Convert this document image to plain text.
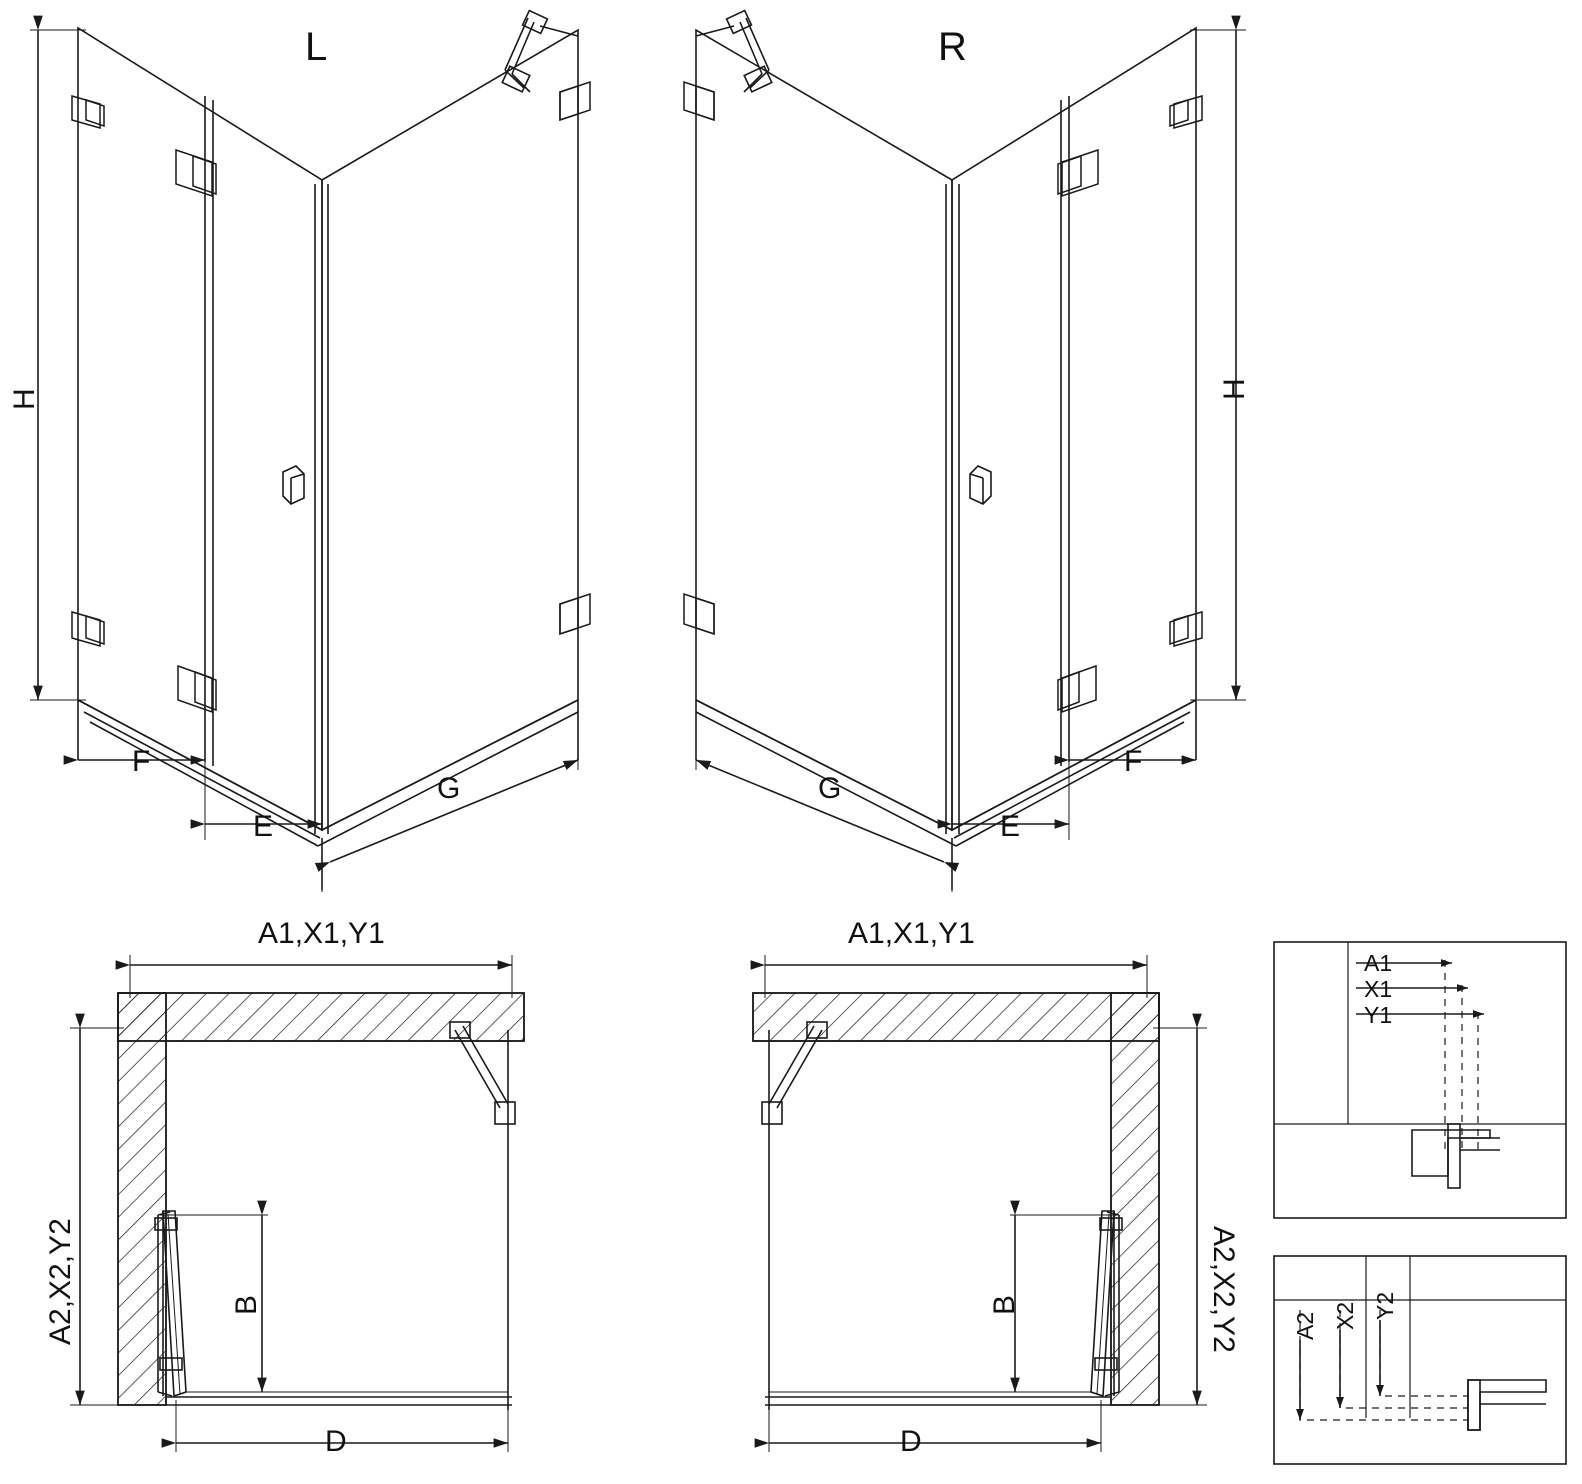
L	R
H
F
E
G
H
F
E
G
A1,X1,Y1
A2,X2,Y2	B
D
A1,X1,Y1
A2,X2,Y2
B
D
A1
X1
Y1
A2 X2 Y2
